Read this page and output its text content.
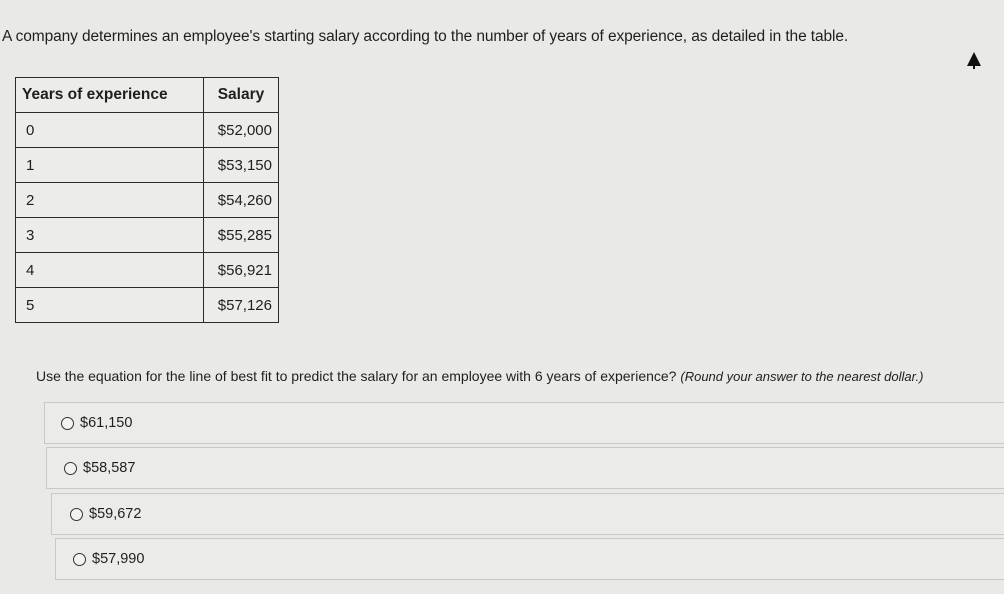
A company determines an employee's starting salary according to the number of years of experience, as detailed in the table.
Years of experience	Salary
0	$52,000
1	$53,150
2	$54,260
3	$55,285
4	$56,921
5	$57,126
Use the equation for the line of best fit to predict the salary for an employee with 6 years of experience? (Round your answer to the nearest dollar.)
$61,150
$58,587
$59,672
$57,990
